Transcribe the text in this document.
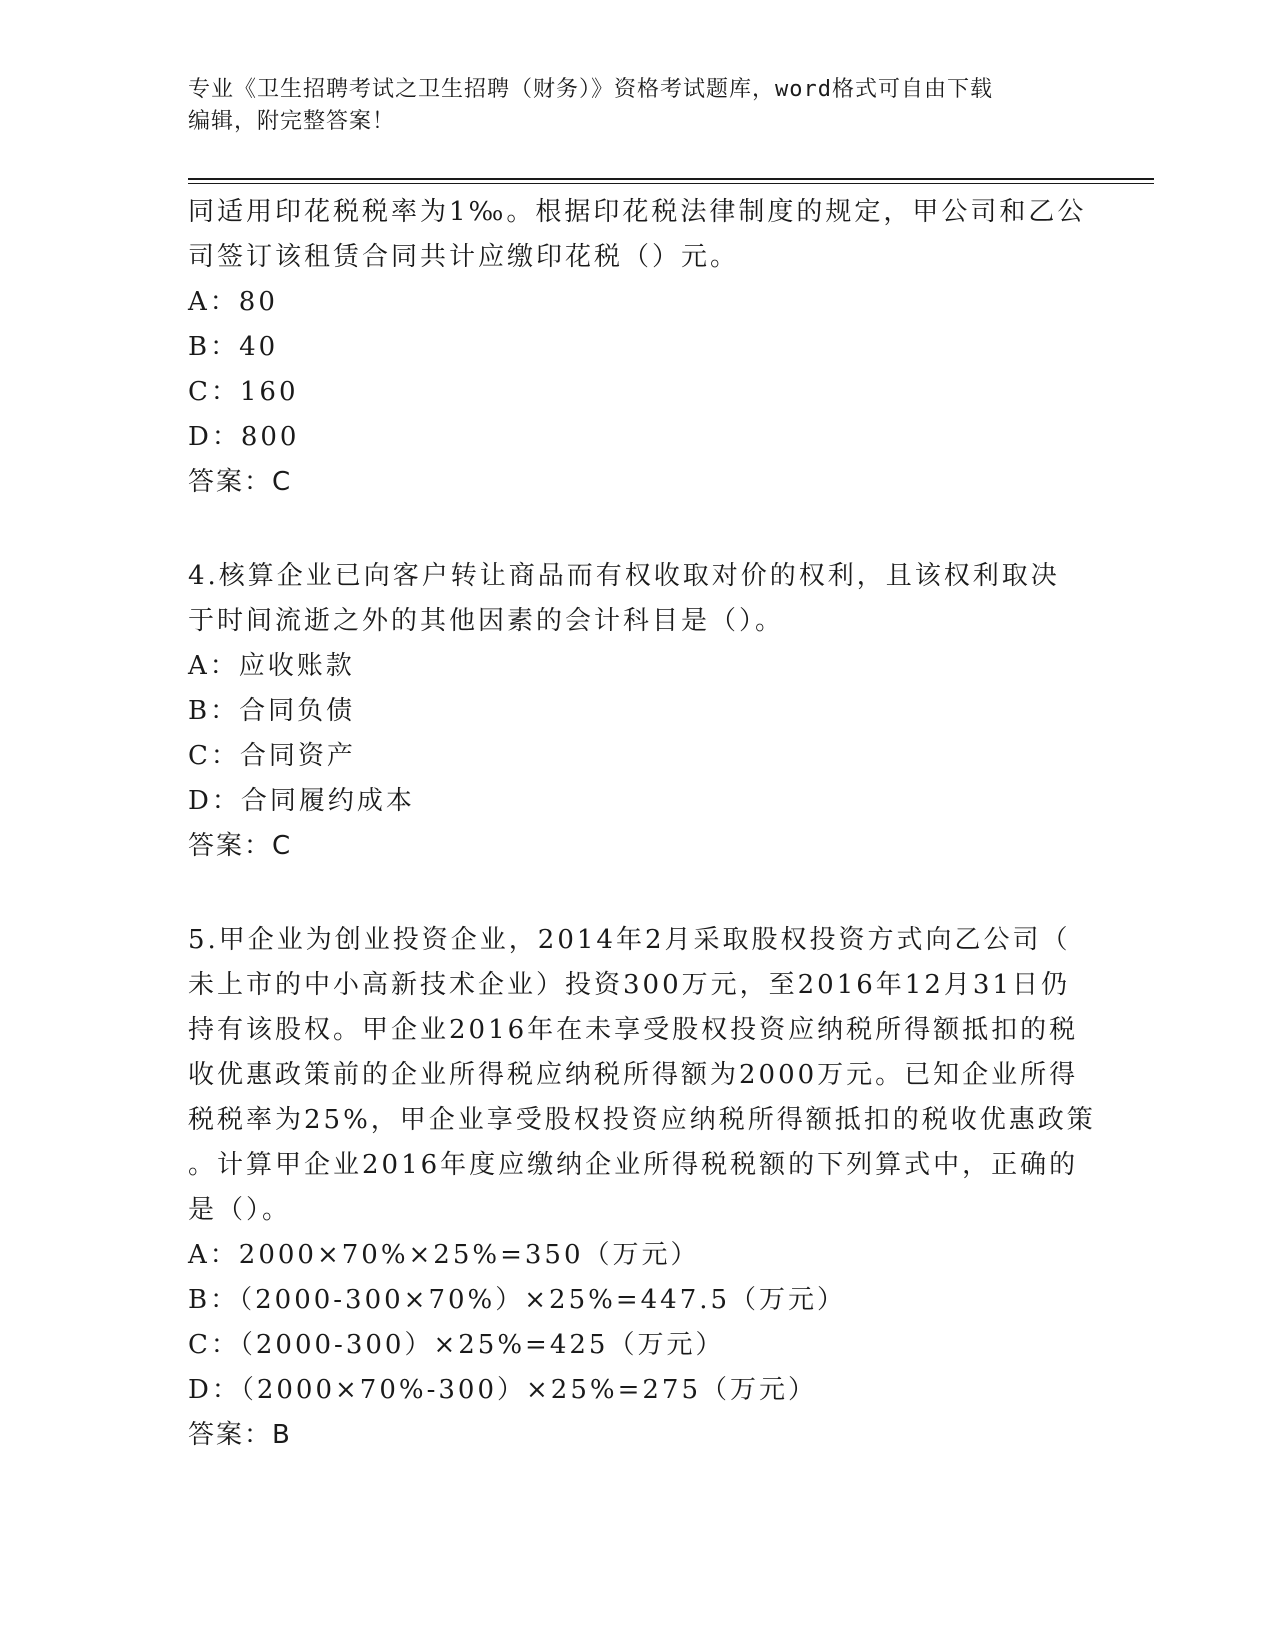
专业《卫生招聘考试之卫生招聘（财务）》资格考试题库，word格式可自由下载
编辑，附完整答案！
同适用印花税税率为1‰。根据印花税法律制度的规定，甲公司和乙公
司签订该租赁合同共计应缴印花税（）元。
A：80
B：40
C：160
D：800
答案：C
4.核算企业已向客户转让商品而有权收取对价的权利，且该权利取决
于时间流逝之外的其他因素的会计科目是（）。
A：应收账款
B：合同负债
C：合同资产
D：合同履约成本
答案：C
5.甲企业为创业投资企业，2014年2月采取股权投资方式向乙公司（
未上市的中小高新技术企业）投资300万元，至2016年12月31日仍
持有该股权。甲企业2016年在未享受股权投资应纳税所得额抵扣的税
收优惠政策前的企业所得税应纳税所得额为2000万元。已知企业所得
税税率为25%，甲企业享受股权投资应纳税所得额抵扣的税收优惠政策
。计算甲企业2016年度应缴纳企业所得税税额的下列算式中，正确的
是（）。
A：2000×70%×25%=350（万元）
B：（2000-300×70%）×25%=447.5（万元）
C：（2000-300）×25%=425（万元）
D：（2000×70%-300）×25%=275（万元）
答案：B
